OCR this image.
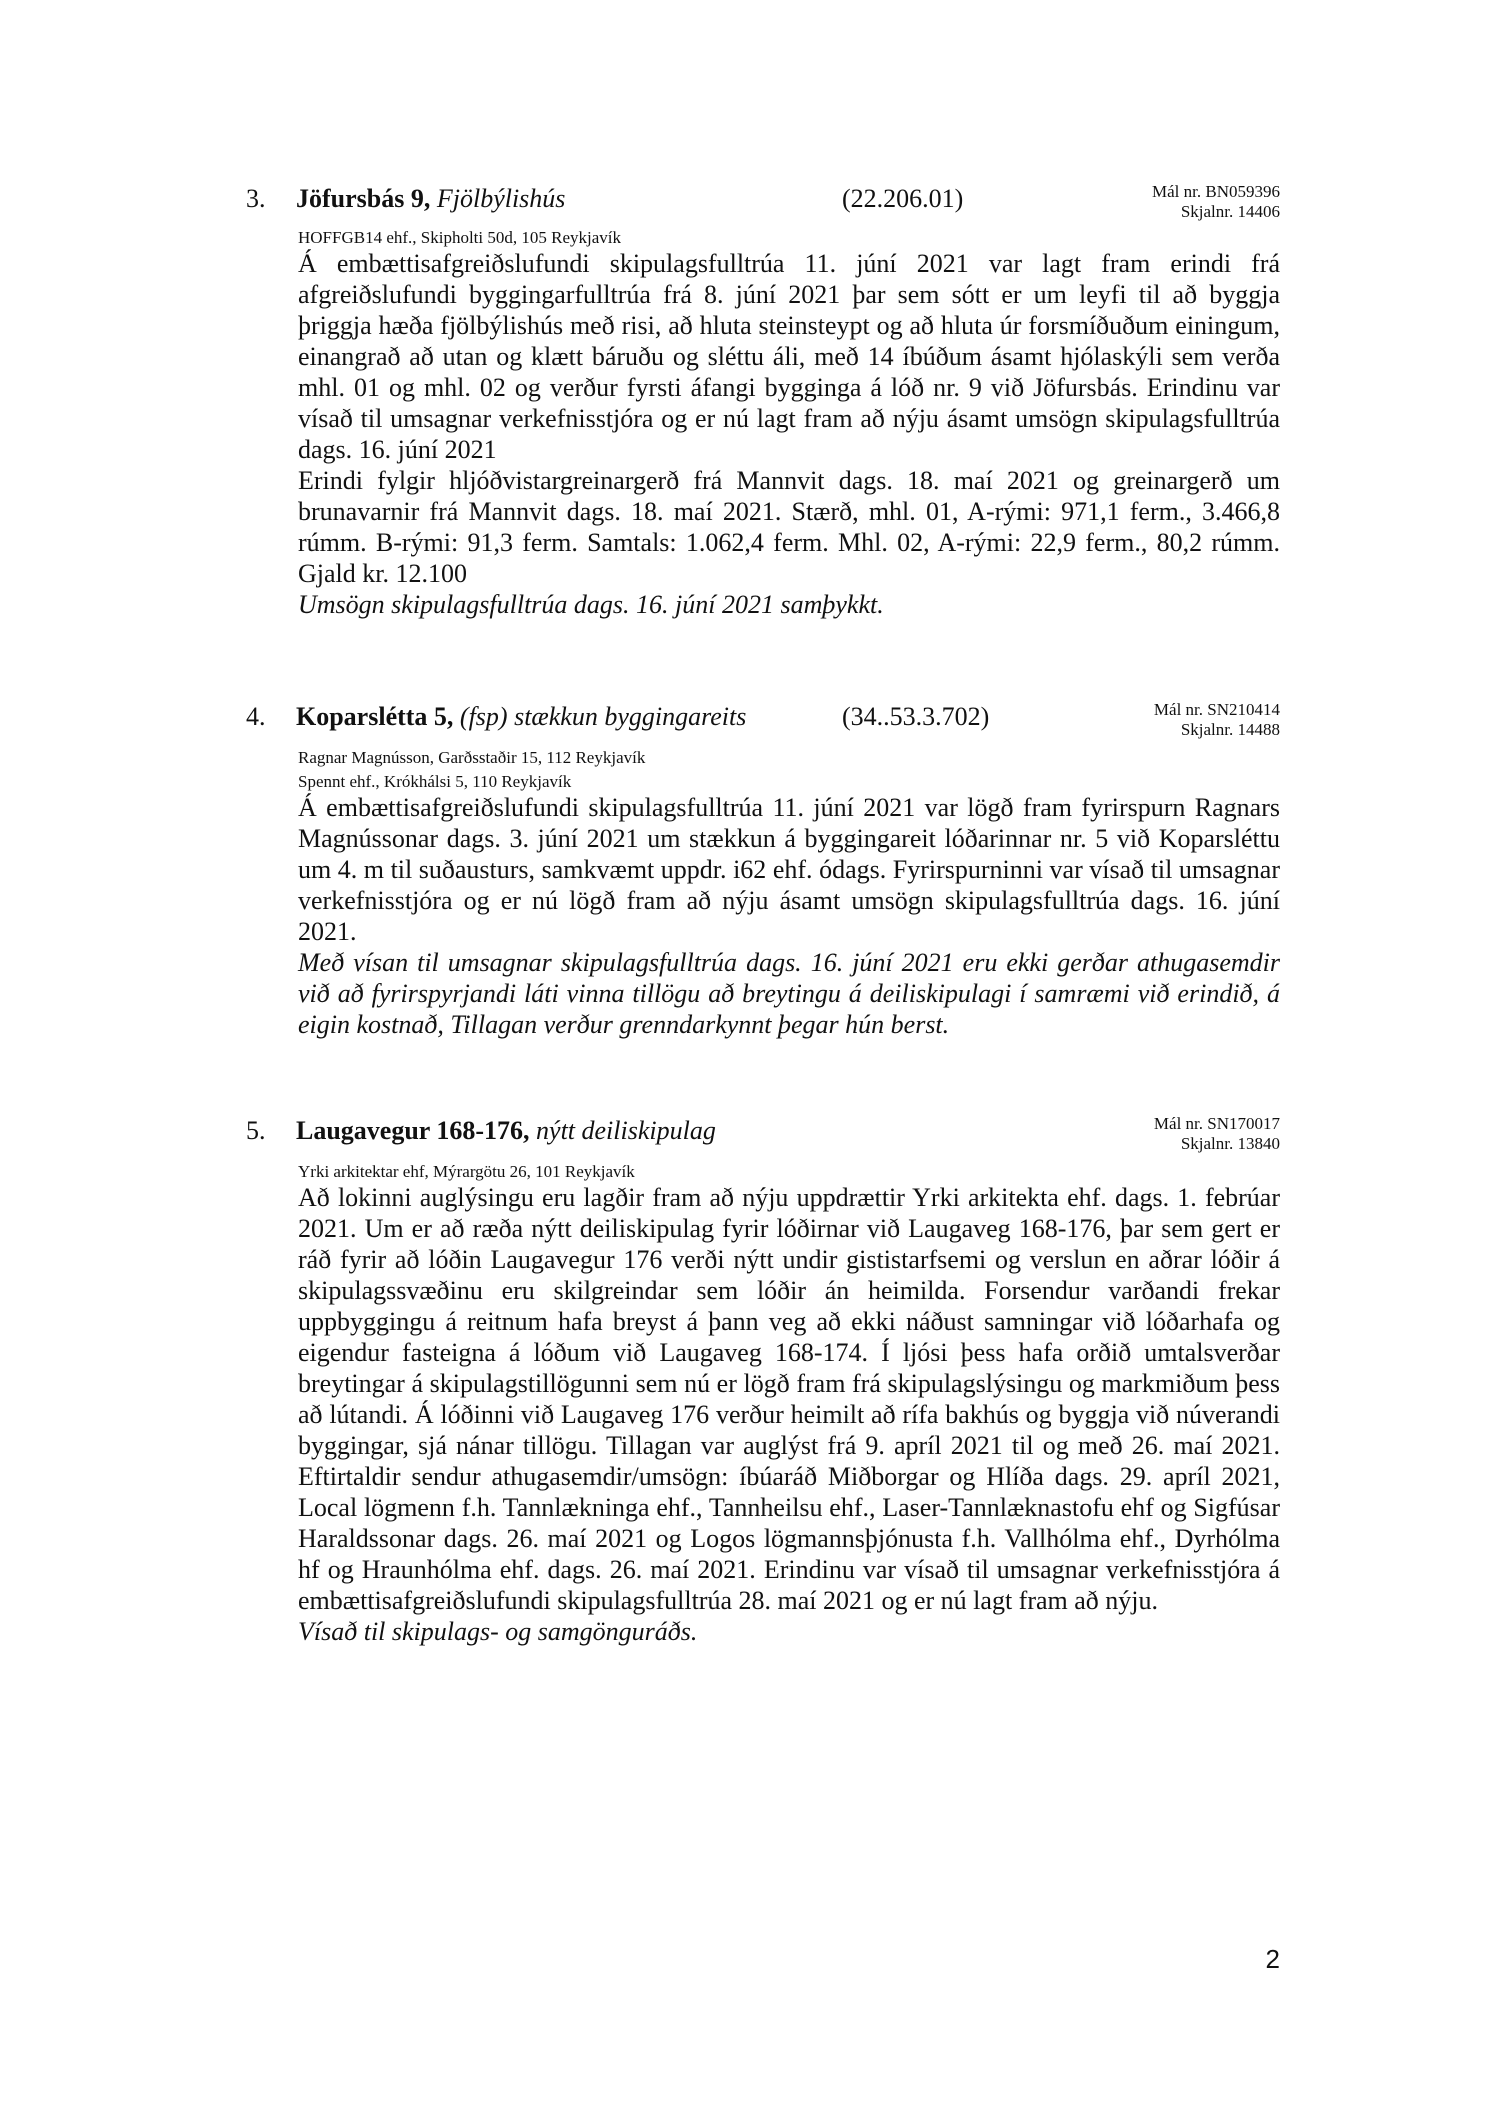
3. Jöfursbás 9, Fjölbýlishús	(22.206.01)	Mál nr. BN059396
Skjalnr. 14406
HOFFGB14 ehf., Skipholti 50d, 105 Reykjavík

Á embættisafgreiðslufundi skipulagsfulltrúa 11. júní 2021 var lagt fram erindi frá afgreiðslufundi byggingarfulltrúa frá 8. júní 2021 þar sem sótt er um leyfi til að byggja þriggja hæða fjölbýlishús með risi, að hluta steinsteypt og að hluta úr forsmíðuðum einingum, einangrað að utan og klætt báruðu og sléttu áli, með 14 íbúðum ásamt hjólaskýli sem verða mhl. 01 og mhl. 02 og verður fyrsti áfangi bygginga á lóð nr. 9 við Jöfursbás. Erindinu var vísað til umsagnar verkefnisstjóra og er nú lagt fram að nýju ásamt umsögn skipulagsfulltrúa dags. 16. júní 2021
Erindi fylgir hljóðvistargreinargerð frá Mannvit dags. 18. maí 2021 og greinargerð um brunavarnir frá Mannvit dags. 18. maí 2021. Stærð, mhl. 01, A-rými: 971,1 ferm., 3.466,8 rúmm. B-rými: 91,3 ferm. Samtals: 1.062,4 ferm. Mhl. 02, A-rými: 22,9 ferm., 80,2 rúmm. Gjald kr. 12.100
Umsögn skipulagsfulltrúa dags. 16. júní 2021 samþykkt.

4. Koparslétta 5, (fsp) stækkun byggingareits	(34..53.3.702)	Mál nr. SN210414
Skjalnr. 14488
Ragnar Magnússon, Garðsstaðir 15, 112 Reykjavík
Spennt ehf., Krókhálsi 5, 110 Reykjavík

Á embættisafgreiðslufundi skipulagsfulltrúa 11. júní 2021 var lögð fram fyrirspurn Ragnars Magnússonar dags. 3. júní 2021 um stækkun á byggingareit lóðarinnar nr. 5 við Koparsléttu um 4. m til suðausturs, samkvæmt uppdr. i62 ehf. ódags. Fyrirspurninni var vísað til umsagnar verkefnisstjóra og er nú lögð fram að nýju ásamt umsögn skipulagsfulltrúa dags. 16. júní 2021.
Með vísan til umsagnar skipulagsfulltrúa dags. 16. júní 2021 eru ekki gerðar athugasemdir við að fyrirspyrjandi láti vinna tillögu að breytingu á deiliskipulagi í samræmi við erindið, á eigin kostnað, Tillagan verður grenndarkynnt þegar hún berst.

5. Laugavegur 168-176, nýtt deiliskipulag	Mál nr. SN170017
Skjalnr. 13840
Yrki arkitektar ehf, Mýrargötu 26, 101 Reykjavík

Að lokinni auglýsingu eru lagðir fram að nýju uppdrættir Yrki arkitekta ehf. dags. 1. febrúar 2021. Um er að ræða nýtt deiliskipulag fyrir lóðirnar við Laugaveg 168-176, þar sem gert er ráð fyrir að lóðin Laugavegur 176 verði nýtt undir gististarfsemi og verslun en aðrar lóðir á skipulagssvæðinu eru skilgreindar sem lóðir án heimilda. Forsendur varðandi frekar uppbyggingu á reitnum hafa breyst á þann veg að ekki náðust samningar við lóðarhafa og eigendur fasteigna á lóðum við Laugaveg 168-174. Í ljósi þess hafa orðið umtalsverðar breytingar á skipulagstillögunni sem nú er lögð fram frá skipulagslýsingu og markmiðum þess að lútandi. Á lóðinni við Laugaveg 176 verður heimilt að rífa bakhús og byggja við núverandi byggingar, sjá nánar tillögu. Tillagan var auglýst frá 9. apríl 2021 til og með 26. maí 2021. Eftirtaldir sendur athugasemdir/umsögn: íbúaráð Miðborgar og Hlíða dags. 29. apríl 2021, Local lögmenn f.h. Tannlækninga ehf., Tannheilsu ehf., Laser-Tannlæknastofu ehf og Sigfúsar Haraldssonar dags. 26. maí 2021 og Logos lögmannsþjónusta f.h. Vallhólma ehf., Dyrhólma hf og Hraunhólma ehf. dags. 26. maí 2021. Erindinu var vísað til umsagnar verkefnisstjóra á embættisafgreiðslufundi skipulagsfulltrúa 28. maí 2021 og er nú lagt fram að nýju.
Vísað til skipulags- og samgönguráðs.

2
